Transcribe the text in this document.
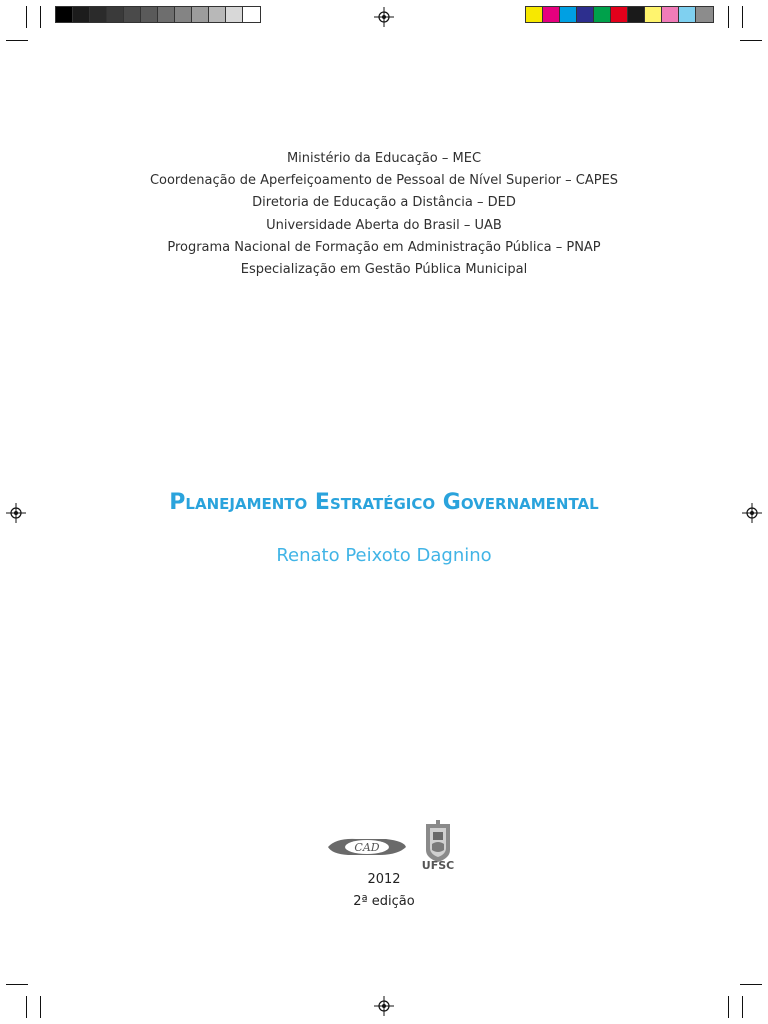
Ministério da Educação – MEC
Coordenação de Aperfeiçoamento de Pessoal de Nível Superior – CAPES
Diretoria de Educação a Distância – DED
Universidade Aberta do Brasil – UAB
Programa Nacional de Formação em Administração Pública – PNAP
Especialização em Gestão Pública Municipal
Planejamento Estratégico Governamental
Renato Peixoto Dagnino
CAD
UFSC
2012
2ª edição
